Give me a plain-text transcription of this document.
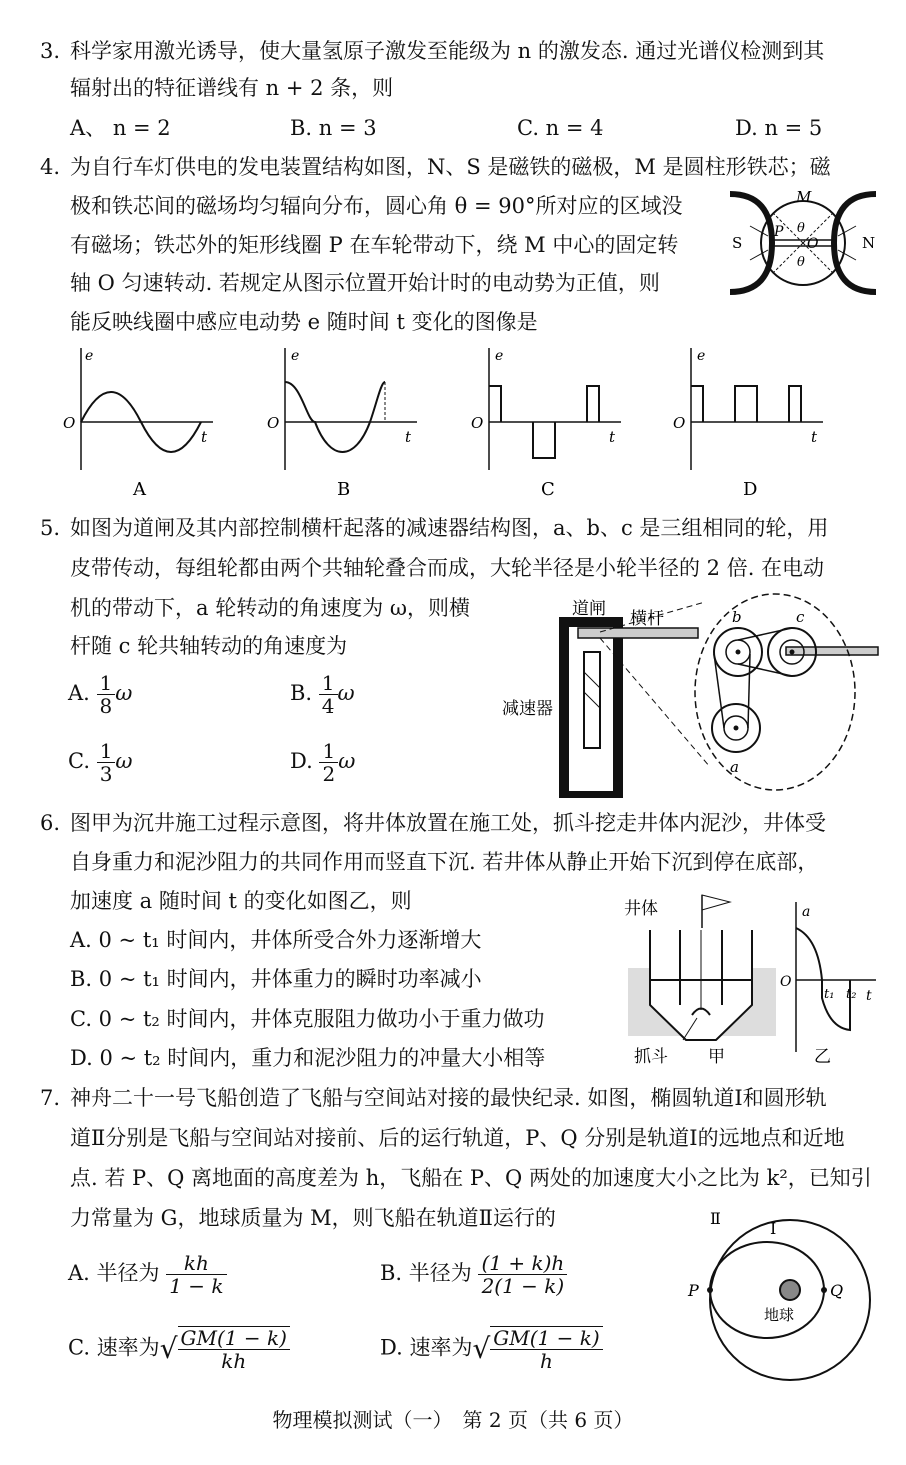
3. 科学家用激光诱导，使大量氢原子激发至能级为 n 的激发态. 通过光谱仪检测到其
辐射出的特征谱线有 n + 2 条，则
A、 n = 2	B. n = 3	C. n = 4	D. n = 5
4. 为自行车灯供电的发电装置结构如图，N、S 是磁铁的磁极，M 是圆柱形铁芯；磁
极和铁芯间的磁场均匀辐向分布，圆心角 θ = 90°所对应的区域没
有磁场；铁芯外的矩形线圈 P 在车轮带动下，绕 M 中心的固定转
轴 O 匀速转动. 若规定从图示位置开始计时的电动势为正值，则
能反映线圈中感应电动势 e 随时间 t 变化的图像是
M
S	N
P
O
θ
θ
e
t
O
A
e
t
O
B
e
t
O
C
e
t
O
D
5. 如图为道闸及其内部控制横杆起落的减速器结构图，a、b、c 是三组相同的轮，用
皮带传动，每组轮都由两个共轴轮叠合而成，大轮半径是小轮半径的 2 倍. 在电动
机的带动下，a 轮转动的角速度为 ω，则横
杆随 c 轮共轴转动的角速度为
A. $\frac{1}{8}$ ω	B. $\frac{1}{4}$ ω
C. $\frac{1}{3}$ ω	D. $\frac{1}{2}$ ω
道闸 横杆
减速器
b	c
a
6. 图甲为沉井施工过程示意图，将井体放置在施工处，抓斗挖走井体内泥沙，井体受
自身重力和泥沙阻力的共同作用而竖直下沉. 若井体从静止开始下沉到停在底部，
加速度 a 随时间 t 的变化如图乙，则
A. 0 ~ t₁ 时间内，井体所受合外力逐渐增大
B. 0 ~ t₁ 时间内，井体重力的瞬时功率减小
C. 0 ~ t₂ 时间内，井体克服阻力做功小于重力做功
D. 0 ~ t₂ 时间内，重力和泥沙阻力的冲量大小相等
井体
抓斗 甲
a
t
O
t₁ t₂
乙
7. 神舟二十一号飞船创造了飞船与空间站对接的最快纪录. 如图，椭圆轨道Ⅰ和圆形轨
道Ⅱ分别是飞船与空间站对接前、后的运行轨道，P、Q 分别是轨道Ⅰ的远地点和近地
点. 若 P、Q 离地面的高度差为 h，飞船在 P、Q 两处的加速度大小之比为 k²，已知引
力常量为 G，地球质量为 M，则飞船在轨道Ⅱ运行的
A. 半径为 $\frac{kh}{1 - k}$	B. 半径为 $\frac{(1 + k)h}{2(1 - k)}$
C. 速率为√ $\frac{GM(1 - k)}{kh}$	D. 速率为√ $\frac{GM(1 - k)}{h}$
Ⅱ
Ⅰ
P	Q
地球
物理模拟测试（一）　第 2 页（共 6 页）
